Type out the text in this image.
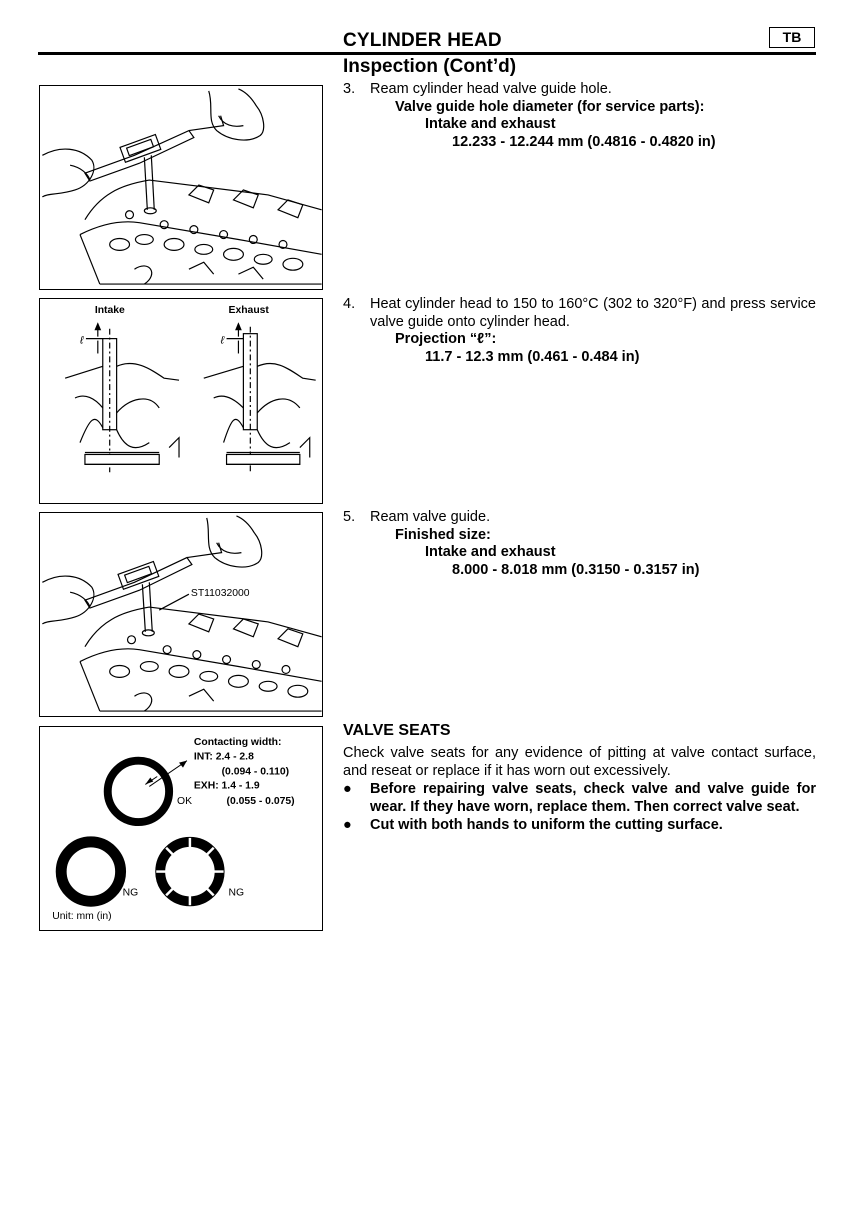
CYLINDER HEAD	TB
Inspection (Cont’d)
3.	Ream cylinder head valve guide hole.
Valve guide hole diameter (for service parts):
Intake and exhaust
12.233 - 12.244 mm (0.4816 - 0.4820 in)
Intake	Exhaust
ℓ	ℓ
4.	Heat cylinder head to 150 to 160°C (302 to 320°F) and press service valve guide onto cylinder head.
Projection “ℓ”:
11.7 - 12.3 mm (0.461 - 0.484 in)
ST11032000
5.	Ream valve guide.
Finished size:
Intake and exhaust
8.000 - 8.018 mm (0.3150 - 0.3157 in)
Contacting width:
INT: 2.4 - 2.8
(0.094 - 0.110)
EXH: 1.4 - 1.9
(0.055 - 0.075)
OK
NG	NG
Unit: mm (in)
VALVE SEATS
Check valve seats for any evidence of pitting at valve contact surface, and reseat or replace if it has worn out excessively.
● Before repairing valve seats, check valve and valve guide for wear. If they have worn, replace them. Then correct valve seat.
● Cut with both hands to uniform the cutting surface.
